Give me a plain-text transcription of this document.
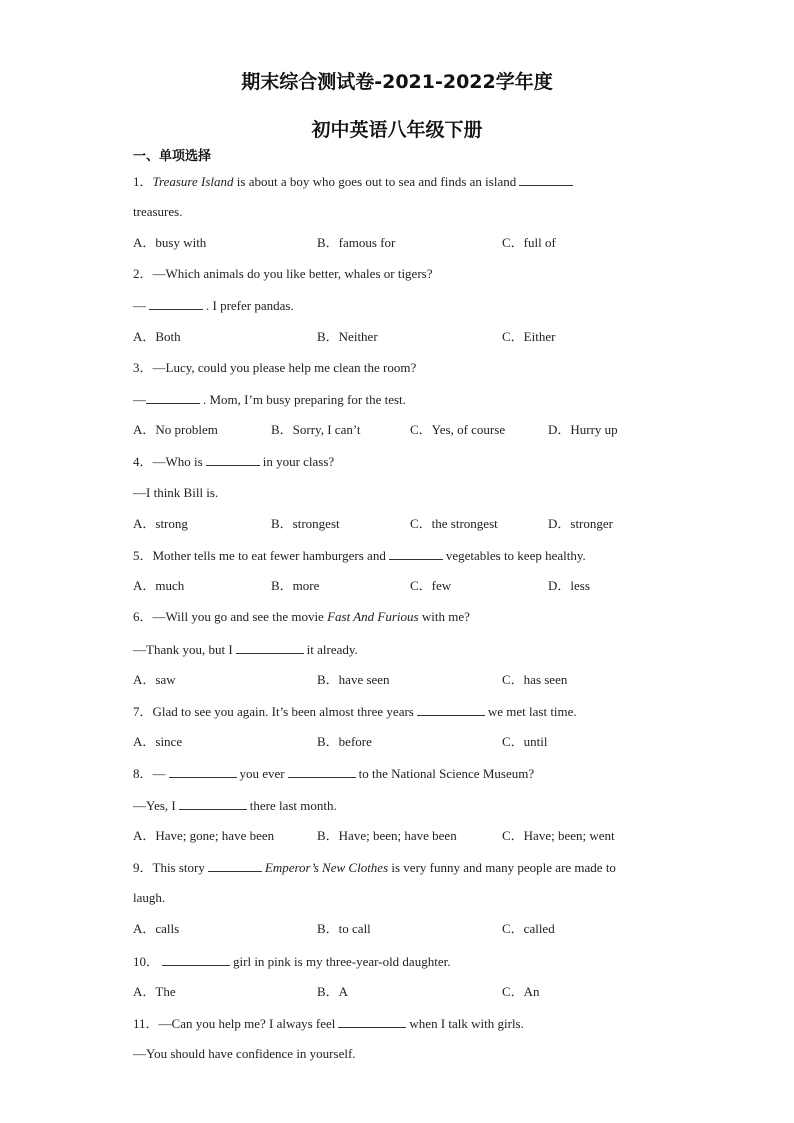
期末综合测试卷-2021-2022学年度
初中英语八年级下册
一、单项选择
1．Treasure Island is about a boy who goes out to sea and finds an island
treasures.
A．busy with	B．famous for	C．full of
2．—Which animals do you like better, whales or tigers?
—	. I prefer pandas.
A．Both	B．Neither	C．Either
3．—Lucy, could you please help me clean the room?
—	. Mom, I’m busy preparing for the test.
A．No problem	B．Sorry, I can’t	C．Yes, of course	D．Hurry up
4．—Who is	in your class?
—I think Bill is.
A．strong	B．strongest	C．the strongest	D．stronger
5．Mother tells me to eat fewer hamburgers and	vegetables to keep healthy.
A．much	B．more	C．few	D．less
6．—Will you go and see the movie Fast And Furious with me?
—Thank you, but I	it already.
A．saw	B．have seen	C．has seen
7．Glad to see you again. It’s been almost three years	we met last time.
A．since	B．before	C．until
8．—	you ever	to the National Science Museum?
—Yes, I	there last month.
A．Have; gone; have been	B．Have; been; have been	C．Have; been; went
9．This story	Emperor’s New Clothes is very funny and many people are made to
laugh.
A．calls	B．to call	C．called
10．	girl in pink is my three-year-old daughter.
A．The	B．A	C．An
11．—Can you help me? I always feel	when I talk with girls.
—You should have confidence in yourself.
